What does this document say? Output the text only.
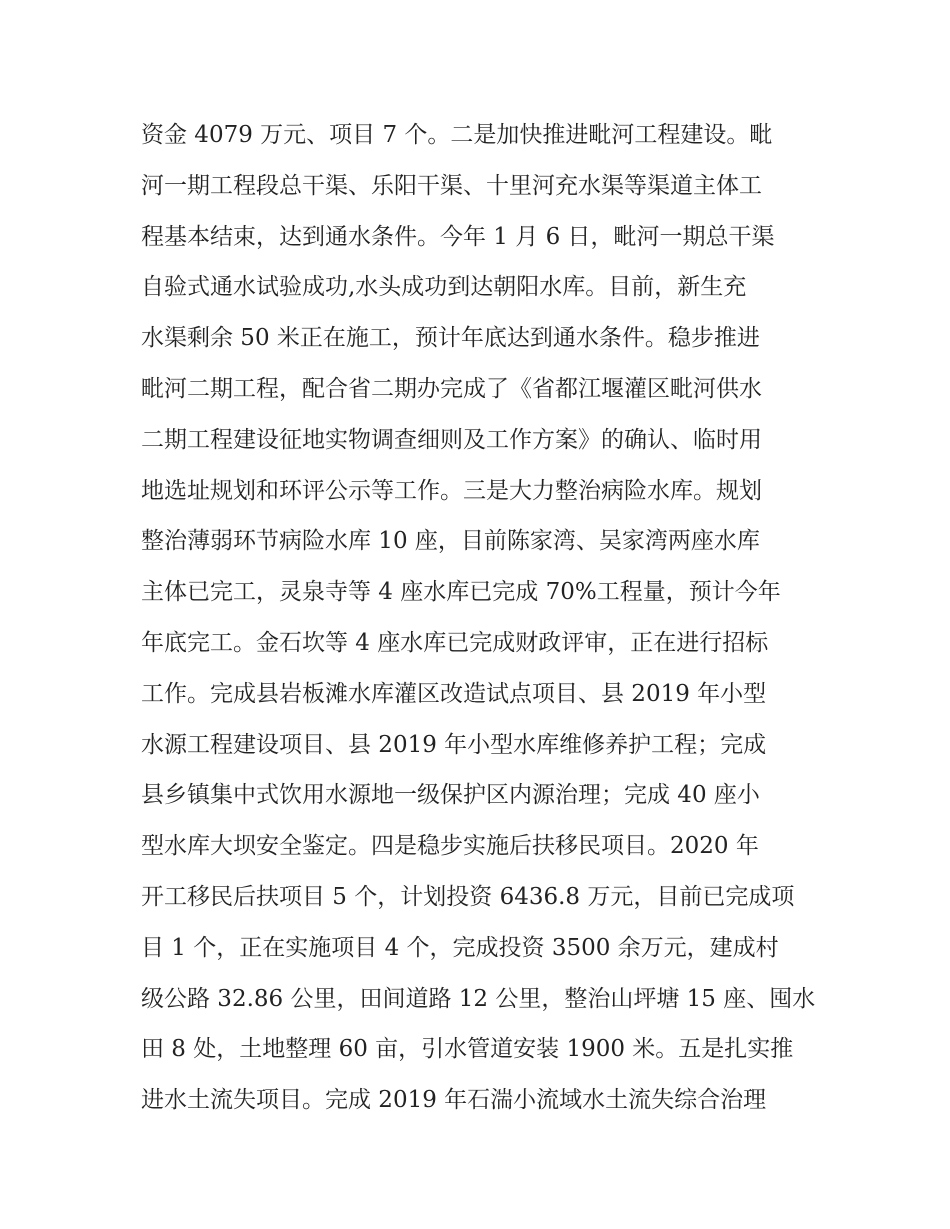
资金 4079 万元、项目 7 个。二是加快推进毗河工程建设。毗
河一期工程段总干渠、乐阳干渠、十里河充水渠等渠道主体工
程基本结束，达到通水条件。今年 1 月 6 日，毗河一期总干渠
自验式通水试验成功,水头成功到达朝阳水库。目前，新生充
水渠剩余 50 米正在施工，预计年底达到通水条件。稳步推进
毗河二期工程，配合省二期办完成了《省都江堰灌区毗河供水
二期工程建设征地实物调查细则及工作方案》的确认、临时用
地选址规划和环评公示等工作。三是大力整治病险水库。规划
整治薄弱环节病险水库 10 座，目前陈家湾、吴家湾两座水库
主体已完工，灵泉寺等 4 座水库已完成 70%工程量，预计今年
年底完工。金石坎等 4 座水库已完成财政评审，正在进行招标
工作。完成县岩板滩水库灌区改造试点项目、县 2019 年小型
水源工程建设项目、县 2019 年小型水库维修养护工程；完成
县乡镇集中式饮用水源地一级保护区内源治理；完成 40 座小
型水库大坝安全鉴定。四是稳步实施后扶移民项目。2020 年
开工移民后扶项目 5 个，计划投资 6436.8 万元，目前已完成项
目 1 个，正在实施项目 4 个，完成投资 3500 余万元，建成村
级公路 32.86 公里，田间道路 12 公里，整治山坪塘 15 座、囤水
田 8 处，土地整理 60 亩，引水管道安装 1900 米。五是扎实推
进水土流失项目。完成 2019 年石湍小流域水土流失综合治理
